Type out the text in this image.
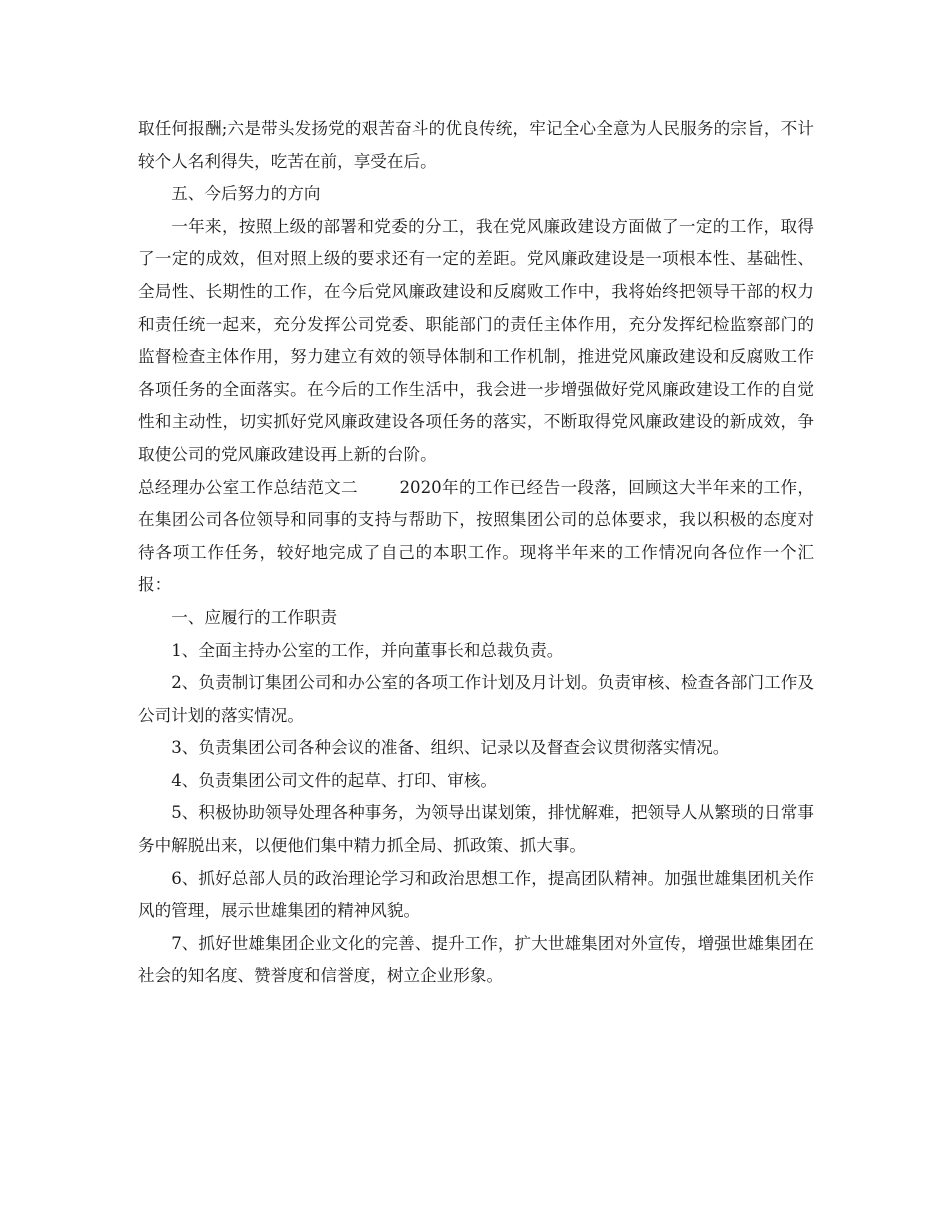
取任何报酬;六是带头发扬党的艰苦奋斗的优良传统，牢记全心全意为人民服务的宗旨，不计较个人名利得失，吃苦在前，享受在后。

五、今后努力的方向

一年来，按照上级的部署和党委的分工，我在党风廉政建设方面做了一定的工作，取得了一定的成效，但对照上级的要求还有一定的差距。党风廉政建设是一项根本性、基础性、全局性、长期性的工作，在今后党风廉政建设和反腐败工作中，我将始终把领导干部的权力和责任统一起来，充分发挥公司党委、职能部门的责任主体作用，充分发挥纪检监察部门的监督检查主体作用，努力建立有效的领导体制和工作机制，推进党风廉政建设和反腐败工作各项任务的全面落实。在今后的工作生活中，我会进一步增强做好党风廉政建设工作的自觉性和主动性，切实抓好党风廉政建设各项任务的落实，不断取得党风廉政建设的新成效，争取使公司的党风廉政建设再上新的台阶。

总经理办公室工作总结范文二	2020年的工作已经告一段落，回顾这大半年来的工作，在集团公司各位领导和同事的支持与帮助下，按照集团公司的总体要求，我以积极的态度对待各项工作任务，较好地完成了自己的本职工作。现将半年来的工作情况向各位作一个汇报：

一、应履行的工作职责

1、全面主持办公室的工作，并向董事长和总裁负责。

2、负责制订集团公司和办公室的各项工作计划及月计划。负责审核、检查各部门工作及公司计划的落实情况。

3、负责集团公司各种会议的准备、组织、记录以及督查会议贯彻落实情况。

4、负责集团公司文件的起草、打印、审核。

5、积极协助领导处理各种事务，为领导出谋划策，排忧解难，把领导人从繁琐的日常事务中解脱出来，以便他们集中精力抓全局、抓政策、抓大事。

6、抓好总部人员的政治理论学习和政治思想工作，提高团队精神。加强世雄集团机关作风的管理，展示世雄集团的精神风貌。

7、抓好世雄集团企业文化的完善、提升工作，扩大世雄集团对外宣传，增强世雄集团在社会的知名度、赞誉度和信誉度，树立企业形象。
